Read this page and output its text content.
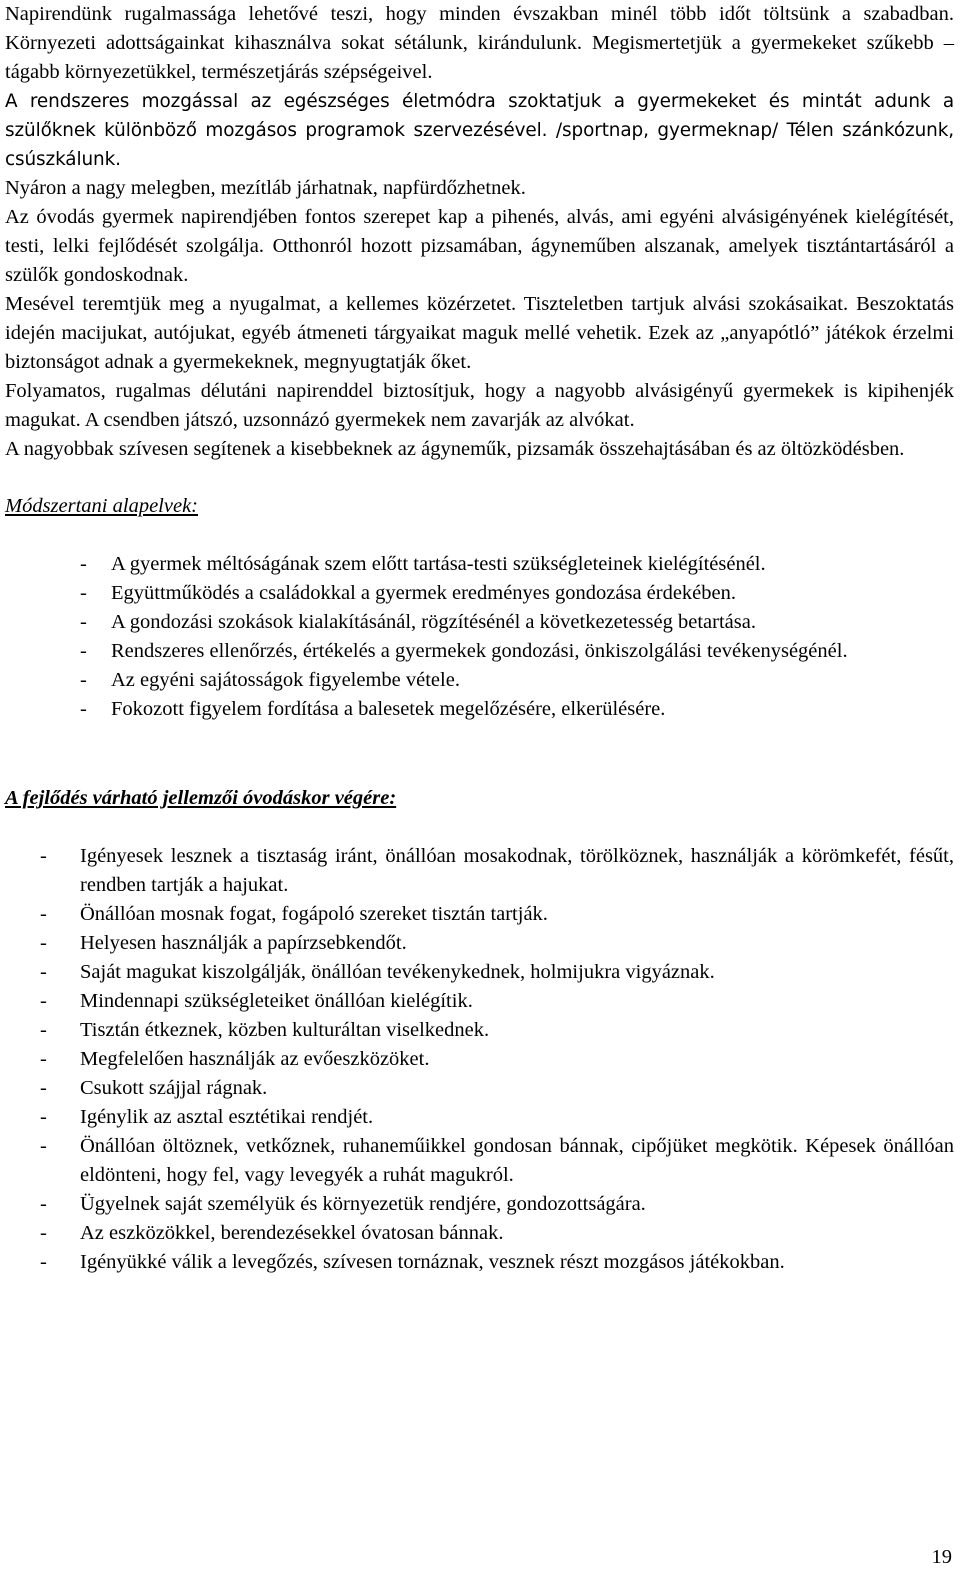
Napirendünk rugalmassága lehetővé teszi, hogy minden évszakban minél több időt töltsünk a szabadban. Környezeti adottságainkat kihasználva sokat sétálunk, kirándulunk. Megismertetjük a gyermekeket szűkebb – tágabb környezetükkel, természetjárás szépségeivel.

A rendszeres mozgással az egészséges életmódra szoktatjuk a gyermekeket és mintát adunk a szülőknek különböző mozgásos programok szervezésével. /sportnap, gyermeknap/ Télen szánkózunk, csúszkálunk.

Nyáron a nagy melegben, mezítláb járhatnak, napfürdőzhetnek.

Az óvodás gyermek napirendjében fontos szerepet kap a pihenés, alvás, ami egyéni alvásigényének kielégítését, testi, lelki fejlődését szolgálja. Otthonról hozott pizsamában, ágyneműben alszanak, amelyek tisztántartásáról a szülők gondoskodnak.

Mesével teremtjük meg a nyugalmat, a kellemes közérzetet. Tiszteletben tartjuk alvási szokásaikat. Beszoktatás idején macijukat, autójukat, egyéb átmeneti tárgyaikat maguk mellé vehetik. Ezek az „anyapótló” játékok érzelmi biztonságot adnak a gyermekeknek, megnyugtatják őket.

Folyamatos, rugalmas délutáni napirenddel biztosítjuk, hogy a nagyobb alvásigényű gyermekek is kipihenjék magukat. A csendben játszó, uzsonnázó gyermekek nem zavarják az alvókat.

A nagyobbak szívesen segítenek a kisebbeknek az ágyneműk, pizsamák összehajtásában és az öltözködésben.

Módszertani alapelvek:

- A gyermek méltóságának szem előtt tartása-testi szükségleteinek kielégítésénél.
- Együttműködés a családokkal a gyermek eredményes gondozása érdekében.
- A gondozási szokások kialakításánál, rögzítésénél a következetesség betartása.
- Rendszeres ellenőrzés, értékelés a gyermekek gondozási, önkiszolgálási tevékenységénél.
- Az egyéni sajátosságok figyelembe vétele.
- Fokozott figyelem fordítása a balesetek megelőzésére, elkerülésére.

A fejlődés várható jellemzői óvodáskor végére:

- Igényesek lesznek a tisztaság iránt, önállóan mosakodnak, törölköznek, használják a körömkefét, fésűt, rendben tartják a hajukat.
- Önállóan mosnak fogat, fogápoló szereket tisztán tartják.
- Helyesen használják a papírzsebkendőt.
- Saját magukat kiszolgálják, önállóan tevékenykednek, holmijukra vigyáznak.
- Mindennapi szükségleteiket önállóan kielégítik.
- Tisztán étkeznek, közben kulturáltan viselkednek.
- Megfelelően használják az evőeszközöket.
- Csukott szájjal rágnak.
- Igénylik az asztal esztétikai rendjét.
- Önállóan öltöznek, vetkőznek, ruhaneműikkel gondosan bánnak, cipőjüket megkötik. Képesek önállóan eldönteni, hogy fel, vagy levegyék a ruhát magukról.
- Ügyelnek saját személyük és környezetük rendjére, gondozottságára.
- Az eszközökkel, berendezésekkel óvatosan bánnak.
- Igényükké válik a levegőzés, szívesen tornáznak, vesznek részt mozgásos játékokban.
19
